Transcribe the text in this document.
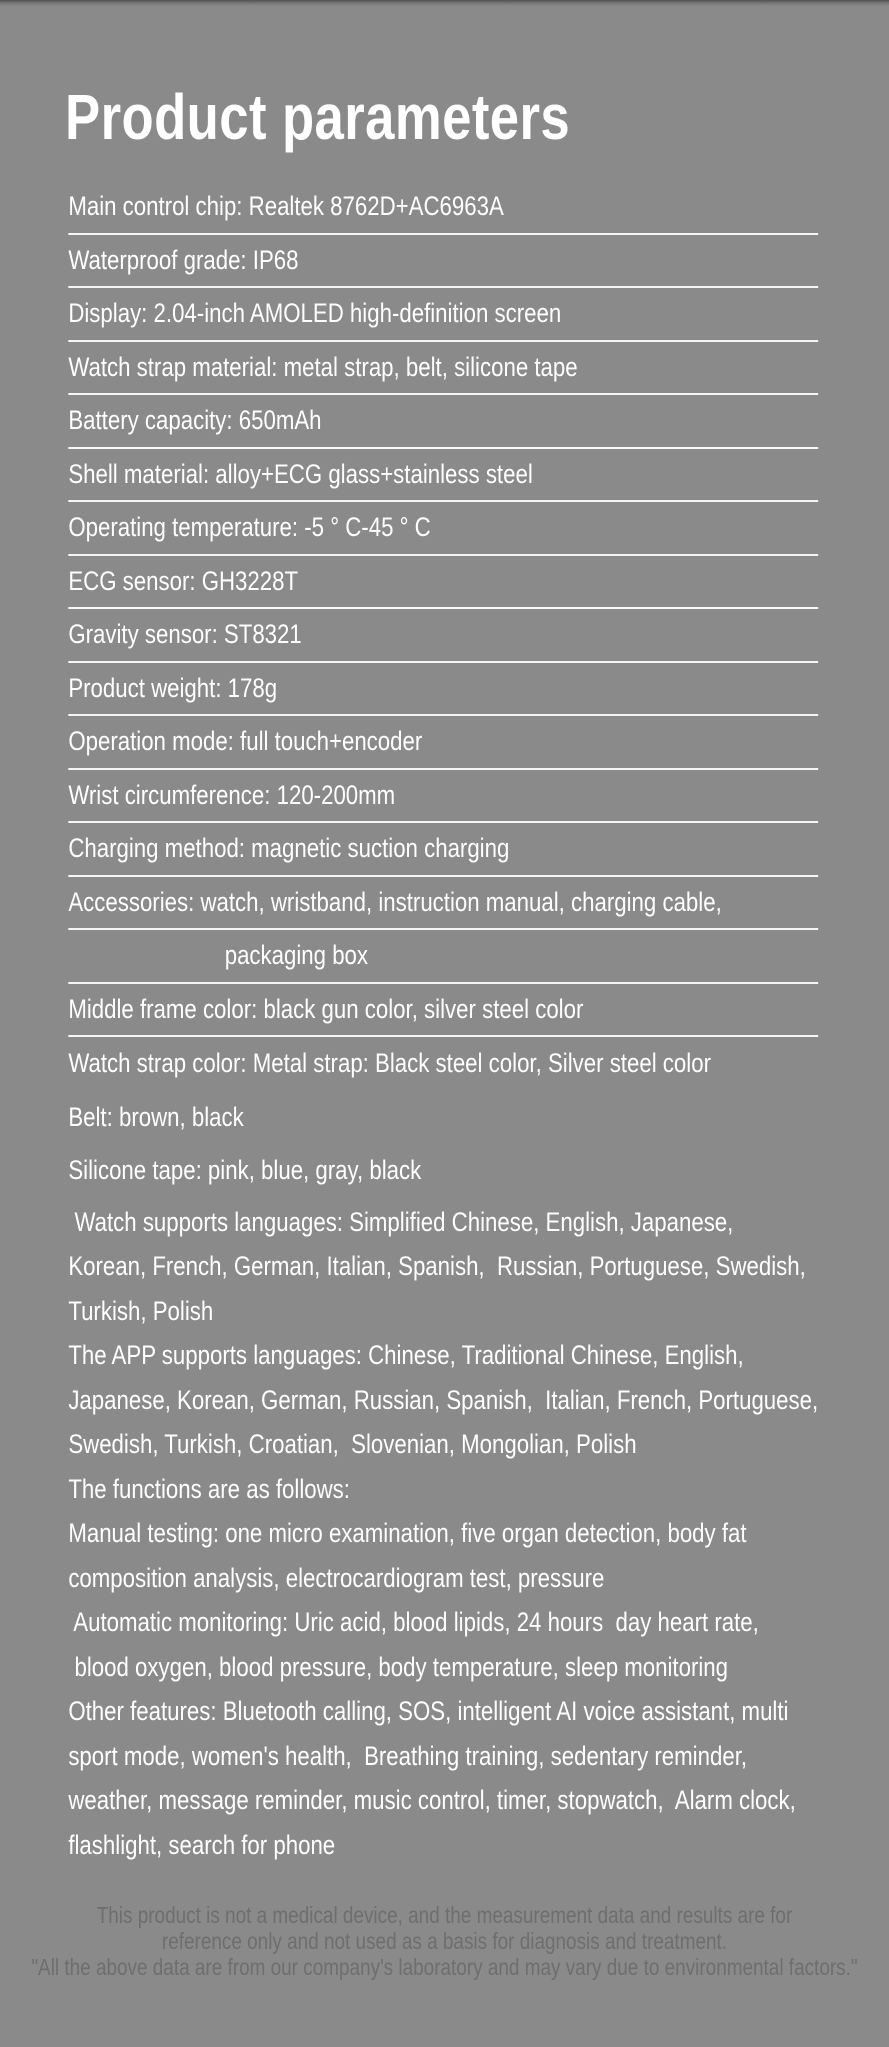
Product parameters
Main control chip: Realtek 8762D+AC6963A
Waterproof grade: IP68
Display: 2.04-inch AMOLED high-definition screen
Watch strap material: metal strap, belt, silicone tape
Battery capacity: 650mAh
Shell material: alloy+ECG glass+stainless steel
Operating temperature: -5 ° C-45 ° C
ECG sensor: GH3228T
Gravity sensor: ST8321
Product weight: 178g
Operation mode: full touch+encoder
Wrist circumference: 120-200mm
Charging method: magnetic suction charging
Accessories: watch, wristband, instruction manual, charging cable,
packaging box
Middle frame color: black gun color, silver steel color
Watch strap color: Metal strap: Black steel color, Silver steel color
Belt: brown, black
Silicone tape: pink, blue, gray, black
Watch supports languages: Simplified Chinese, English, Japanese,
Korean, French, German, Italian, Spanish,  Russian, Portuguese, Swedish,
Turkish, Polish
The APP supports languages: Chinese, Traditional Chinese, English,
Japanese, Korean, German, Russian, Spanish,  Italian, French, Portuguese,
Swedish, Turkish, Croatian,  Slovenian, Mongolian, Polish
The functions are as follows:
Manual testing: one micro examination, five organ detection, body fat
composition analysis, electrocardiogram test, pressure
Automatic monitoring: Uric acid, blood lipids, 24 hours  day heart rate,
blood oxygen, blood pressure, body temperature, sleep monitoring
Other features: Bluetooth calling, SOS, intelligent AI voice assistant, multi
sport mode, women's health,  Breathing training, sedentary reminder,
weather, message reminder, music control, timer, stopwatch,  Alarm clock,
flashlight, search for phone
This product is not a medical device, and the measurement data and results are for
reference only and not used as a basis for diagnosis and treatment.
"All the above data are from our company's laboratory and may vary due to environmental factors."
